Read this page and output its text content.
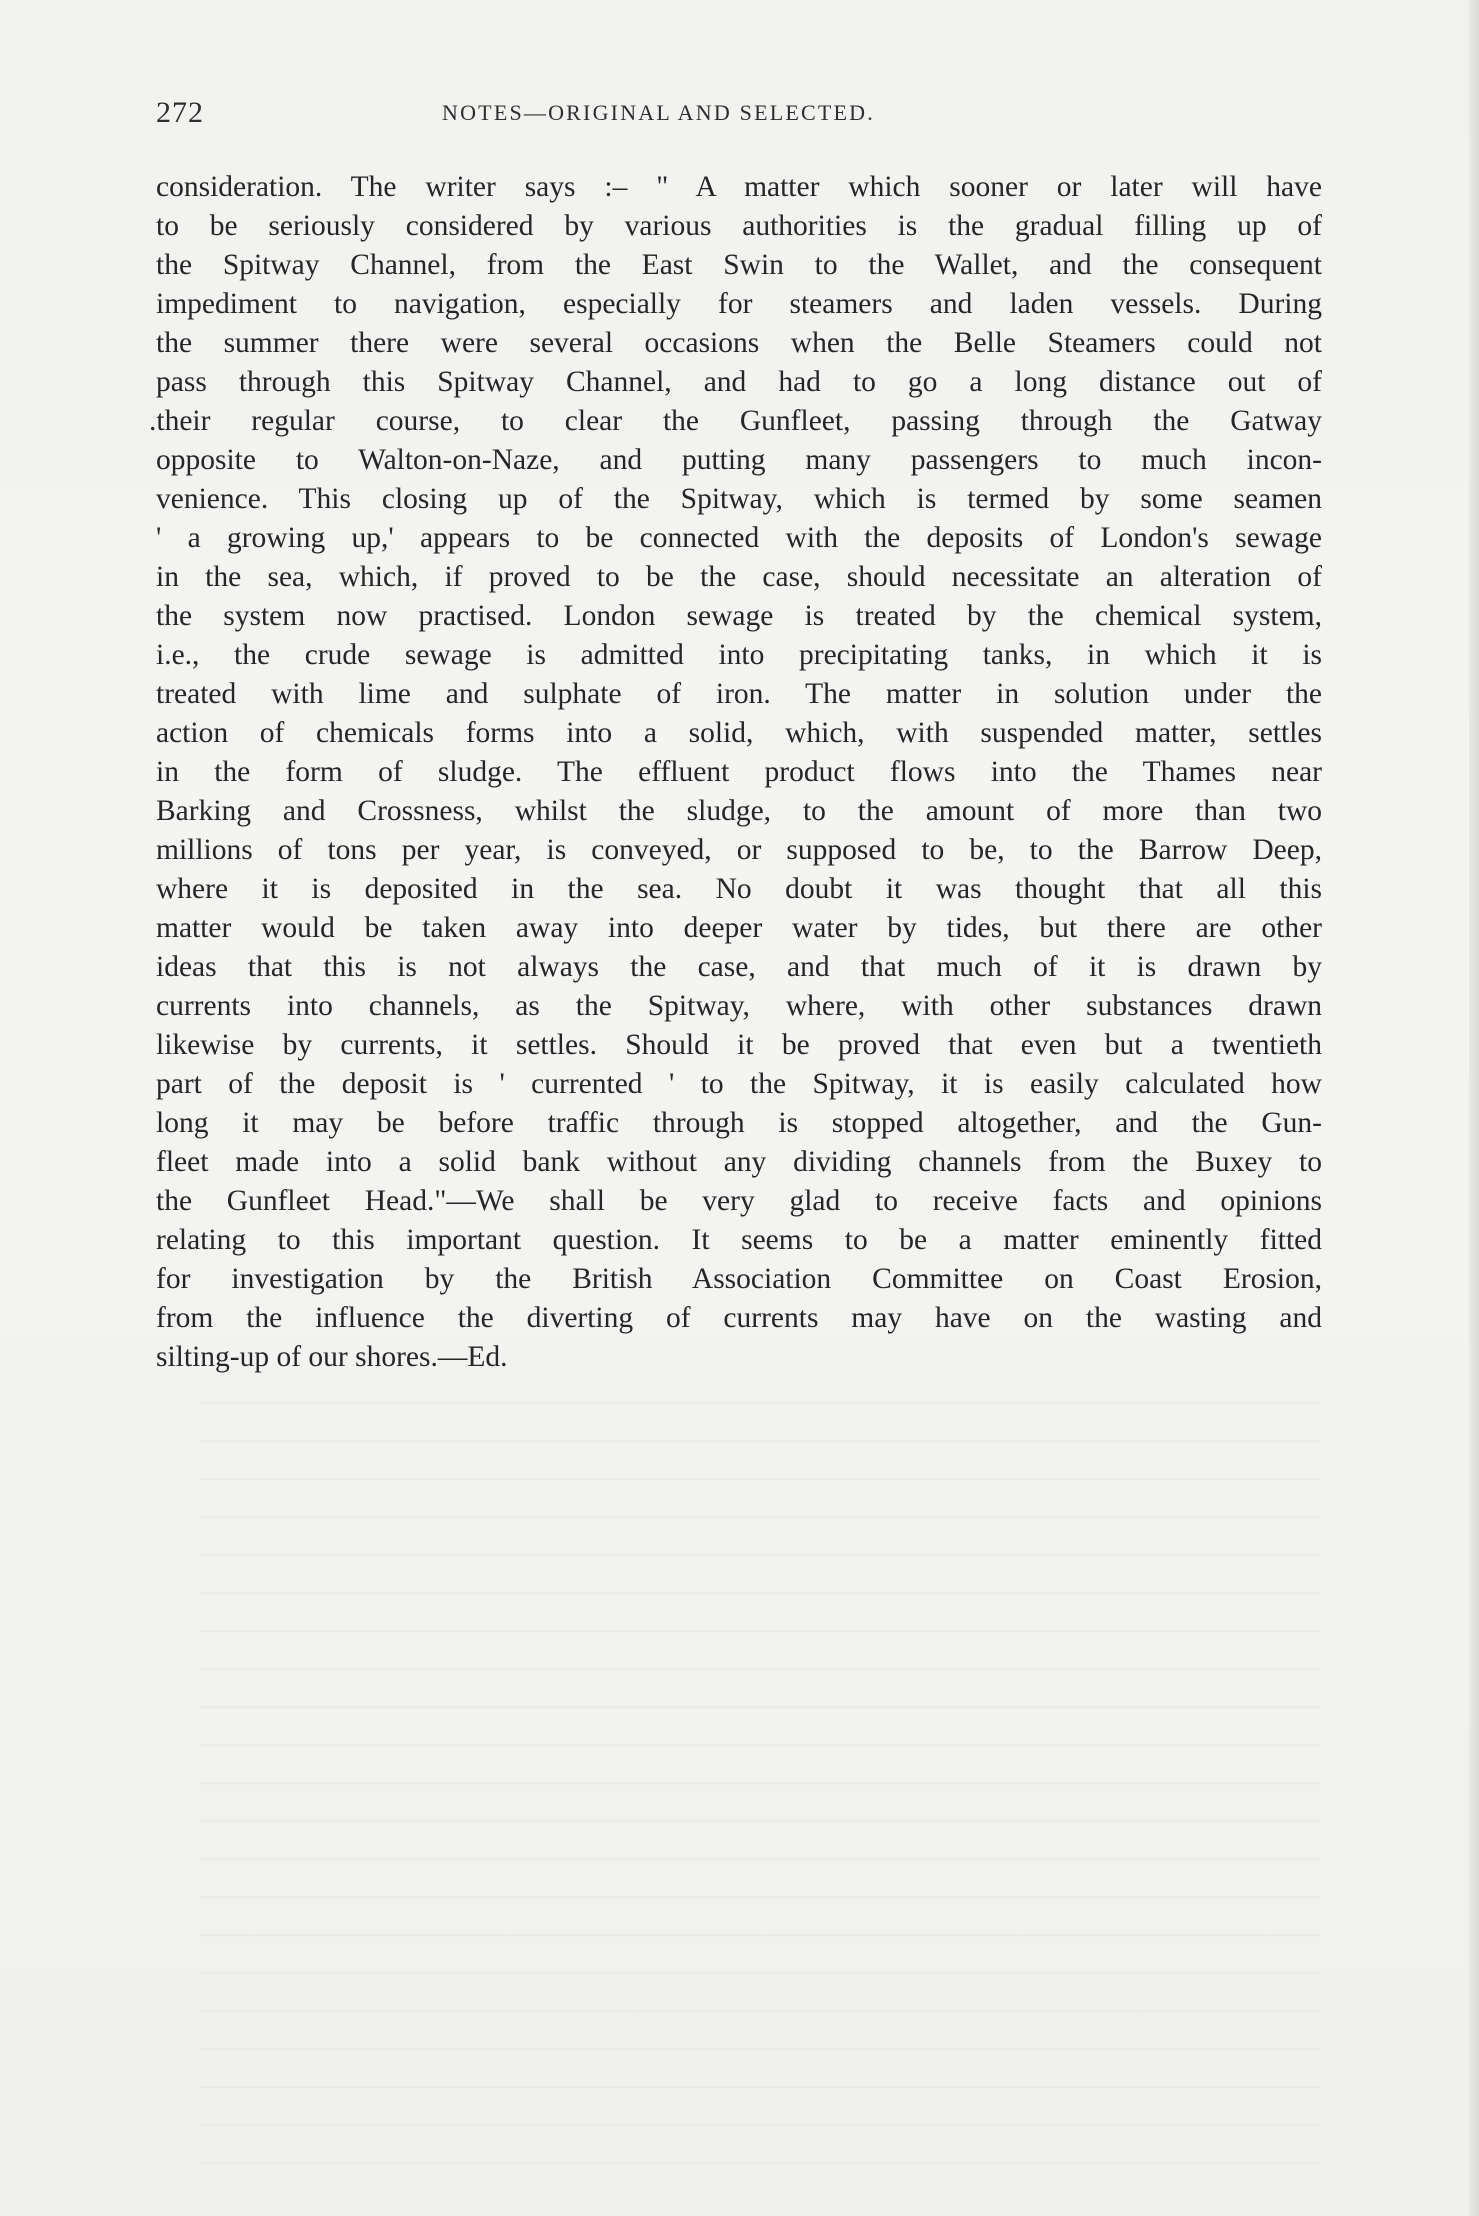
272	NOTES—ORIGINAL AND SELECTED.
consideration. The writer says :– " A matter which sooner or later will have
to be seriously considered by various authorities is the gradual filling up of
the Spitway Channel, from the East Swin to the Wallet, and the consequent
impediment to navigation, especially for steamers and laden vessels. During
the summer there were several occasions when the Belle Steamers could not
pass through this Spitway Channel, and had to go a long distance out of
.their regular course, to clear the Gunfleet, passing through the Gatway
opposite to Walton-on-Naze, and putting many passengers to much incon-
venience. This closing up of the Spitway, which is termed by some seamen
' a growing up,' appears to be connected with the deposits of London's sewage
in the sea, which, if proved to be the case, should necessitate an alteration of
the system now practised. London sewage is treated by the chemical system,
i.e., the crude sewage is admitted into precipitating tanks, in which it is
treated with lime and sulphate of iron. The matter in solution under the
action of chemicals forms into a solid, which, with suspended matter, settles
in the form of sludge. The effluent product flows into the Thames near
Barking and Crossness, whilst the sludge, to the amount of more than two
millions of tons per year, is conveyed, or supposed to be, to the Barrow Deep,
where it is deposited in the sea. No doubt it was thought that all this
matter would be taken away into deeper water by tides, but there are other
ideas that this is not always the case, and that much of it is drawn by
currents into channels, as the Spitway, where, with other substances drawn
likewise by currents, it settles. Should it be proved that even but a twentieth
part of the deposit is ' currented ' to the Spitway, it is easily calculated how
long it may be before traffic through is stopped altogether, and the Gun-
fleet made into a solid bank without any dividing channels from the Buxey to
the Gunfleet Head."—We shall be very glad to receive facts and opinions
relating to this important question. It seems to be a matter eminently fitted
for investigation by the British Association Committee on Coast Erosion,
from the influence the diverting of currents may have on the wasting and
silting-up of our shores.—Ed.
